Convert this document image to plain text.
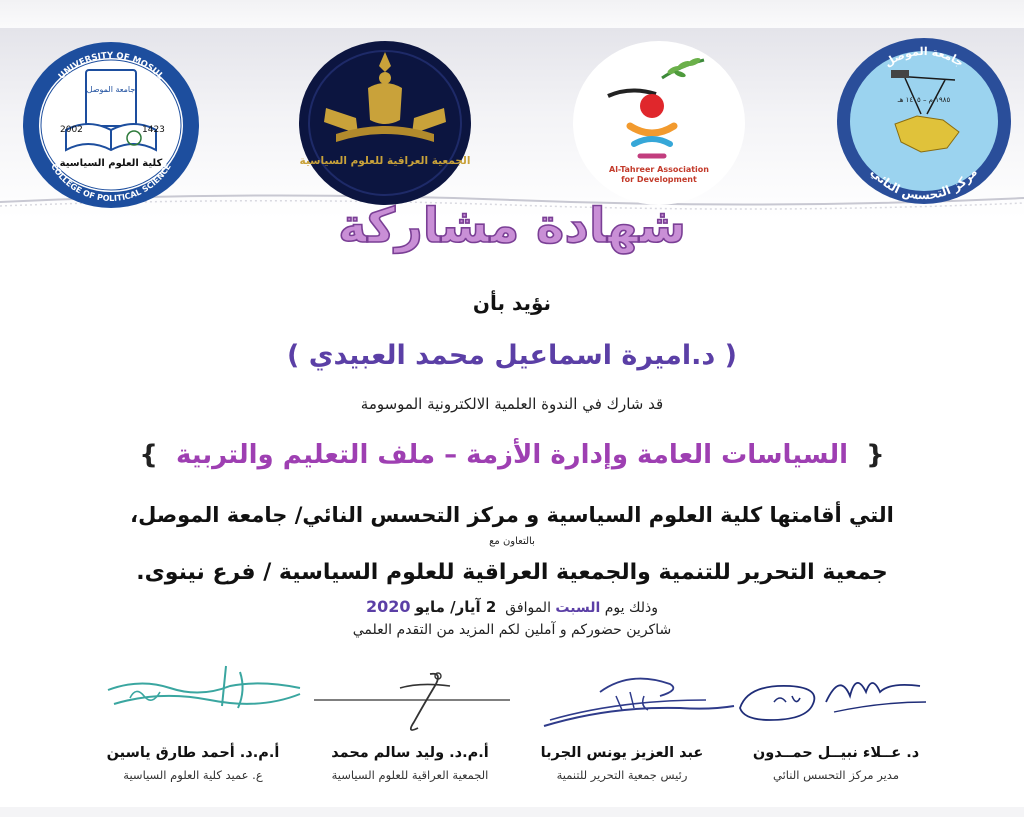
UNIVERSITY OF MOSUL
COLLEGE OF POLITICAL SCIENCE
جامعة الموصل
2002	1423
كلية العلوم السياسية	الجمعية العراقية للعلوم السياسية
Al-Tahreer Association
for Development
جامعة الموصل
مركز التحسس النائي
١٩٨٥ م – ١٤٠٥ هـ
شهادة مشاركة
نؤيد بأن
( د.اميرة اسماعيل محمد العبيدي )
قد شارك في الندوة العلمية الالكترونية الموسومة
{  السياسات العامة وإدارة الأزمة – ملف التعليم والتربية  }
التي أقامتها كلية العلوم السياسية و مركز التحسس النائي/ جامعة الموصل،
بالتعاون مع
جمعية التحرير للتنمية والجمعية العراقية للعلوم السياسية / فرع نينوى.
وذلك يوم السبت الموافق  2 آيار/ مايو 2020
شاكرين حضوركم و آملين لكم المزيد من التقدم العلمي
د. عــلاء نبيــل حمــدون
مدير مركز التحسس النائي
عبد العزيز يونس الجربا
رئيس جمعية التحرير للتنمية
أ.م.د. وليد سالم محمد
الجمعية العراقية للعلوم السياسية
أ.م.د. أحمد طارق ياسين
ع. عميد كلية العلوم السياسية
